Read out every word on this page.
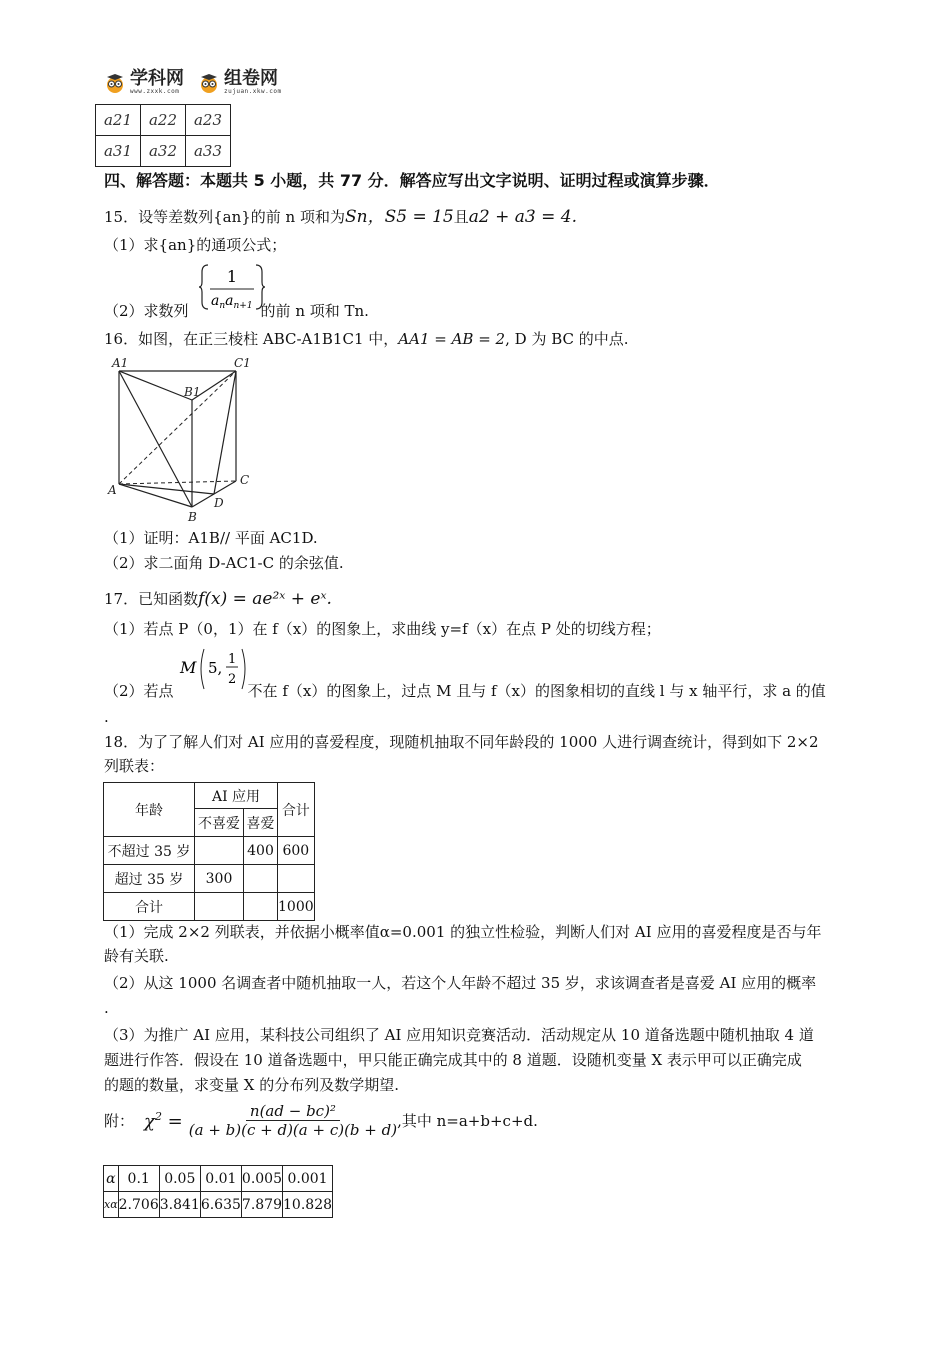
学科网
www.zxxk.com
组卷网
zujuan.xkw.com
a21	a22	a23
a31	a32	a33
四、解答题：本题共 5 小题，共 77 分．解答应写出文字说明、证明过程或演算步骤．
15．设等差数列{an}的前 n 项和为Sn，S5 = 15且a2 + a3 = 4.
（1）求{an}的通项公式；
1
$a_na_{n+1}$
（2）求数列	的前 n 项和 Tn.
16．如图，在正三棱柱 ABC-A1B1C1 中，AA1 = AB = 2, D 为 BC 的中点.
A1	C1
B1
A
B
C
D
（1）证明：A1B// 平面 AC1D.
（2）求二面角 D-AC1-C 的余弦值.
17．已知函数f(x) = ae²ˣ + eˣ.
（1）若点 P（0，1）在 f（x）的图象上，求曲线 y=f（x）在点 P 处的切线方程；
M 5, 1
2
（2）若点	不在 f（x）的图象上，过点 M 且与 f（x）的图象相切的直线 l 与 x 轴平行，求 a 的值
.
18．为了了解人们对 AI 应用的喜爱程度，现随机抽取不同年龄段的 1000 人进行调查统计，得到如下 2×2
列联表：
年龄	AI 应用		合计
	不喜爱	喜爱	
不超过 35 岁		400	600
超过 35 岁	300		
合计			1000
（1）完成 2×2 列联表，并依据小概率值α=0.001 的独立性检验，判断人们对 AI 应用的喜爱程度是否与年
龄有关联.
（2）从这 1000 名调查者中随机抽取一人，若这个人年龄不超过 35 岁，求该调查者是喜爱 AI 应用的概率
.
（3）为推广 AI 应用，某科技公司组织了 AI 应用知识竞赛活动．活动规定从 10 道备选题中随机抽取 4 道
题进行作答．假设在 10 道备选题中，甲只能正确完成其中的 8 道题．设随机变量 X 表示甲可以正确完成
的题的数量，求变量 X 的分布列及数学期望.
附： $\chi^2 = \frac{\text{n(ad − bc)²}}{(a + b)(c + d)(a + c)(b + d)}$ ,其中 n=a+b+c+d.
α	0.1	0.05	0.01	0.005	0.001
xα	2.706	3.841	6.635	7.879	10.828
